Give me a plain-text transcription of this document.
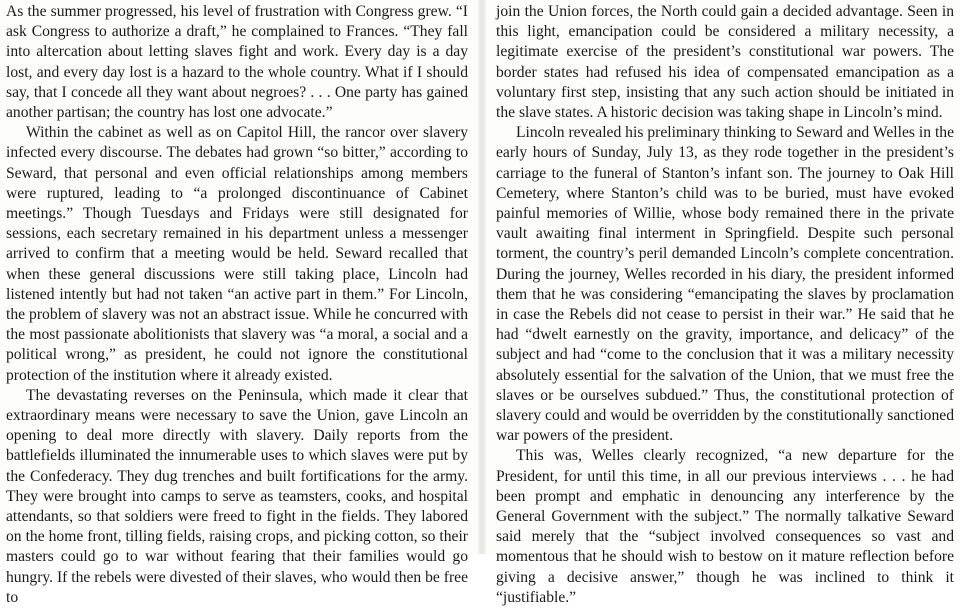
As the summer progressed, his level of frustration with Congress grew. “I ask Congress to authorize a draft,” he complained to Frances. “They fall into altercation about letting slaves fight and work. Every day is a day lost, and every day lost is a hazard to the whole country. What if I should say, that I concede all they want about negroes? . . . One party has gained another partisan; the country has lost one advocate.”

Within the cabinet as well as on Capitol Hill, the rancor over slavery infected every discourse. The debates had grown “so bitter,” according to Seward, that personal and even official relationships among members were ruptured, leading to “a prolonged discontinuance of Cabinet meetings.” Though Tuesdays and Fridays were still designated for sessions, each secretary remained in his department unless a messenger arrived to confirm that a meeting would be held. Seward recalled that when these general discussions were still taking place, Lincoln had listened intently but had not taken “an active part in them.” For Lincoln, the problem of slavery was not an abstract issue. While he concurred with the most passionate abolitionists that slavery was “a moral, a social and a political wrong,” as president, he could not ignore the constitutional protection of the institution where it already existed.

The devastating reverses on the Peninsula, which made it clear that extraordinary means were necessary to save the Union, gave Lincoln an opening to deal more directly with slavery. Daily reports from the battlefields illuminated the innumerable uses to which slaves were put by the Confederacy. They dug trenches and built fortifications for the army. They were brought into camps to serve as teamsters, cooks, and hospital attendants, so that soldiers were freed to fight in the fields. They labored on the home front, tilling fields, raising crops, and picking cotton, so their masters could go to war without fearing that their families would go hungry. If the rebels were divested of their slaves, who would then be free to

join the Union forces, the North could gain a decided advantage. Seen in this light, emancipation could be considered a military necessity, a legitimate exercise of the president’s constitutional war powers. The border states had refused his idea of compensated emancipation as a voluntary first step, insisting that any such action should be initiated in the slave states. A historic decision was taking shape in Lincoln’s mind.

Lincoln revealed his preliminary thinking to Seward and Welles in the early hours of Sunday, July 13, as they rode together in the president’s carriage to the funeral of Stanton’s infant son. The journey to Oak Hill Cemetery, where Stanton’s child was to be buried, must have evoked painful memories of Willie, whose body remained there in the private vault awaiting final interment in Springfield. Despite such personal torment, the country’s peril demanded Lincoln’s complete concentration. During the journey, Welles recorded in his diary, the president informed them that he was considering “emancipating the slaves by proclamation in case the Rebels did not cease to persist in their war.” He said that he had “dwelt earnestly on the gravity, importance, and delicacy” of the subject and had “come to the conclusion that it was a military necessity absolutely essential for the salvation of the Union, that we must free the slaves or be ourselves subdued.” Thus, the constitutional protection of slavery could and would be overridden by the constitutionally sanctioned war powers of the president.

This was, Welles clearly recognized, “a new departure for the President, for until this time, in all our previous interviews . . . he had been prompt and emphatic in denouncing any interference by the General Government with the subject.” The normally talkative Seward said merely that the “subject involved consequences so vast and momentous that he should wish to bestow on it mature reflection before giving a decisive answer,” though he was inclined to think it “justifiable.”
